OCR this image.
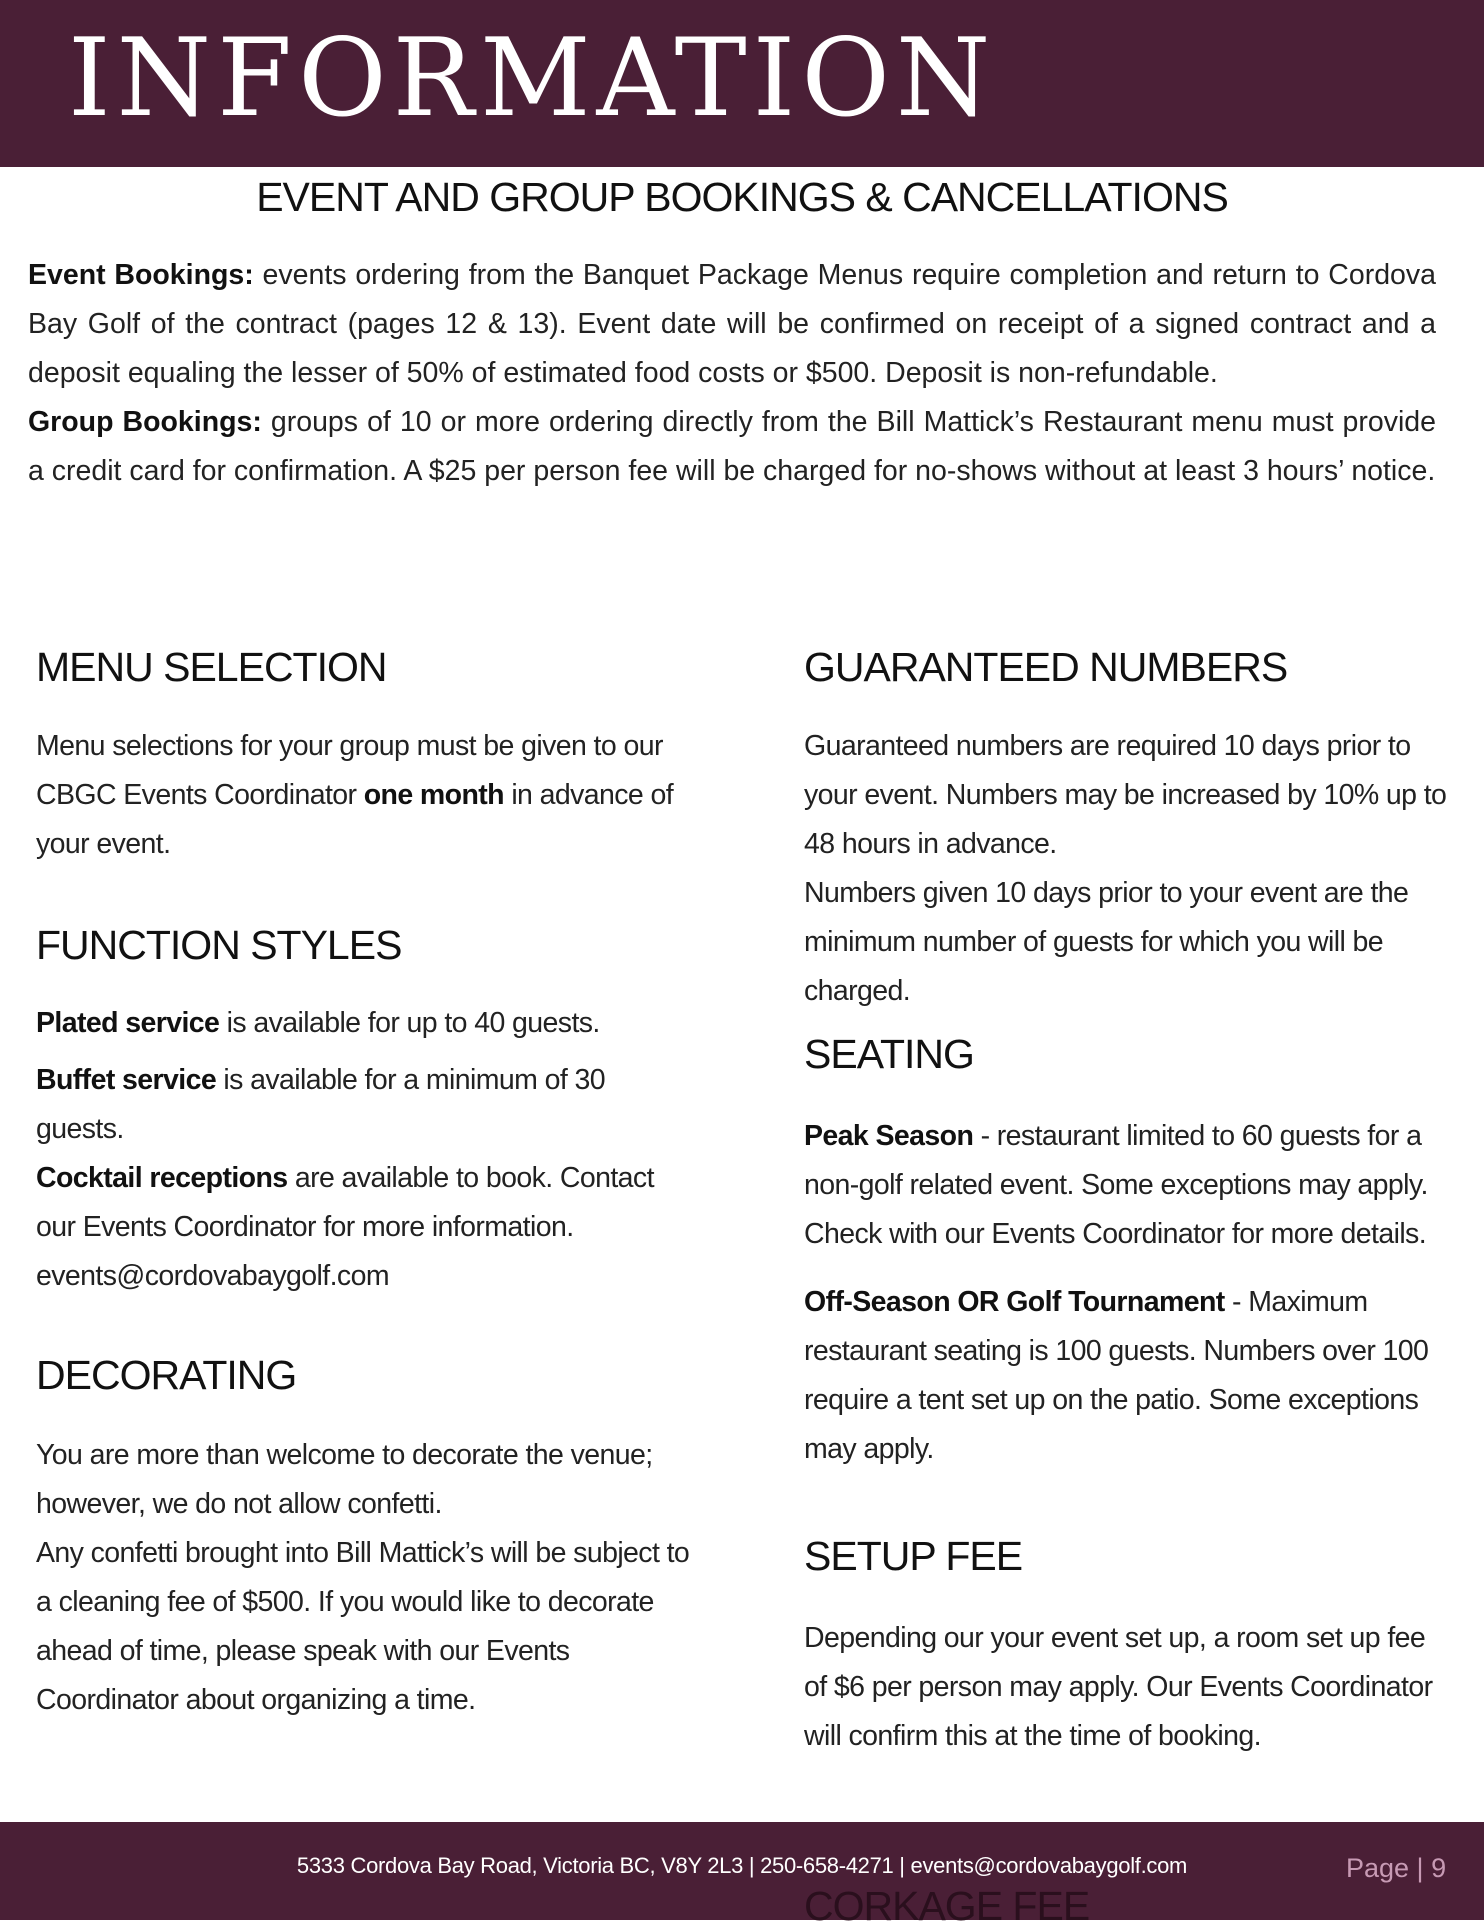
INFORMATION
EVENT AND GROUP BOOKINGS & CANCELLATIONS

Event Bookings: events ordering from the Banquet Package Menus require completion and return to Cordova Bay Golf of the contract (pages 12 & 13). Event date will be confirmed on receipt of a signed contract and a deposit equaling the lesser of 50% of estimated food costs or $500. Deposit is non-refundable.

Group Bookings: groups of 10 or more ordering directly from the Bill Mattick’s Restaurant menu must provide a credit card for confirmation. A $25 per person fee will be charged for no-shows without at least 3 hours’ notice.

MENU SELECTION

Menu selections for your group must be given to our CBGC Events Coordinator one month in advance of your event.

FUNCTION STYLES

Plated service is available for up to 40 guests.

Buffet service is available for a minimum of 30 guests.

Cocktail receptions are available to book. Contact our Events Coordinator for more information. events@cordovabaygolf.com

DECORATING

You are more than welcome to decorate the venue; however, we do not allow confetti.

Any confetti brought into Bill Mattick’s will be subject to a cleaning fee of $500. If you would like to decorate ahead of time, please speak with our Events Coordinator about organizing a time.

GUARANTEED NUMBERS

Guaranteed numbers are required 10 days prior to your event. Numbers may be increased by 10% up to 48 hours in advance.

Numbers given 10 days prior to your event are the minimum number of guests for which you will be charged.

SEATING

Peak Season - restaurant limited to 60 guests for a non-golf related event. Some exceptions may apply. Check with our Events Coordinator for more details.

Off-Season OR Golf Tournament - Maximum restaurant seating is 100 guests. Numbers over 100 require a tent set up on the patio. Some exceptions may apply.

SETUP FEE

Depending our your event set up, a room set up fee of $6 per person may apply. Our Events Coordinator will confirm this at the time of booking.

5333 Cordova Bay Road, Victoria BC, V8Y 2L3 | 250-658-4271 | events@cordovabaygolf.com	Page | 9
CORKAGE FEE
